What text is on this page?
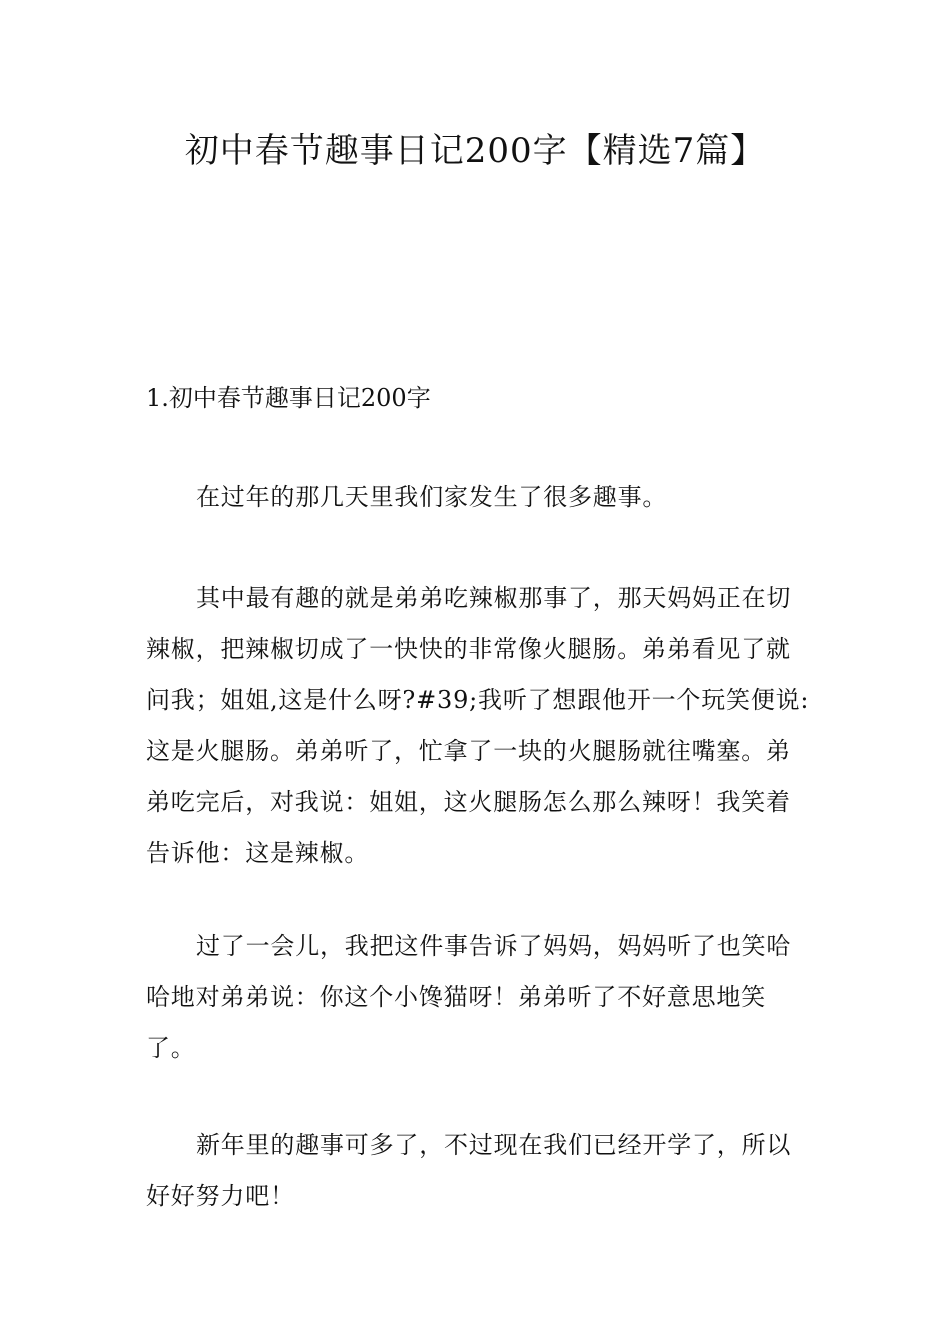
初中春节趣事日记200字【精选7篇】
1.初中春节趣事日记200字

在过年的那几天里我们家发生了很多趣事。

其中最有趣的就是弟弟吃辣椒那事了，那天妈妈正在切辣椒，把辣椒切成了一快快的非常像火腿肠。弟弟看见了就问我；姐姐,这是什么呀?#39;我听了想跟他开一个玩笑便说:这是火腿肠。弟弟听了，忙拿了一块的火腿肠就往嘴塞。弟弟吃完后，对我说：姐姐，这火腿肠怎么那么辣呀！我笑着告诉他：这是辣椒。

过了一会儿，我把这件事告诉了妈妈，妈妈听了也笑哈哈地对弟弟说：你这个小馋猫呀！弟弟听了不好意思地笑了。

新年里的趣事可多了，不过现在我们已经开学了，所以好好努力吧！
